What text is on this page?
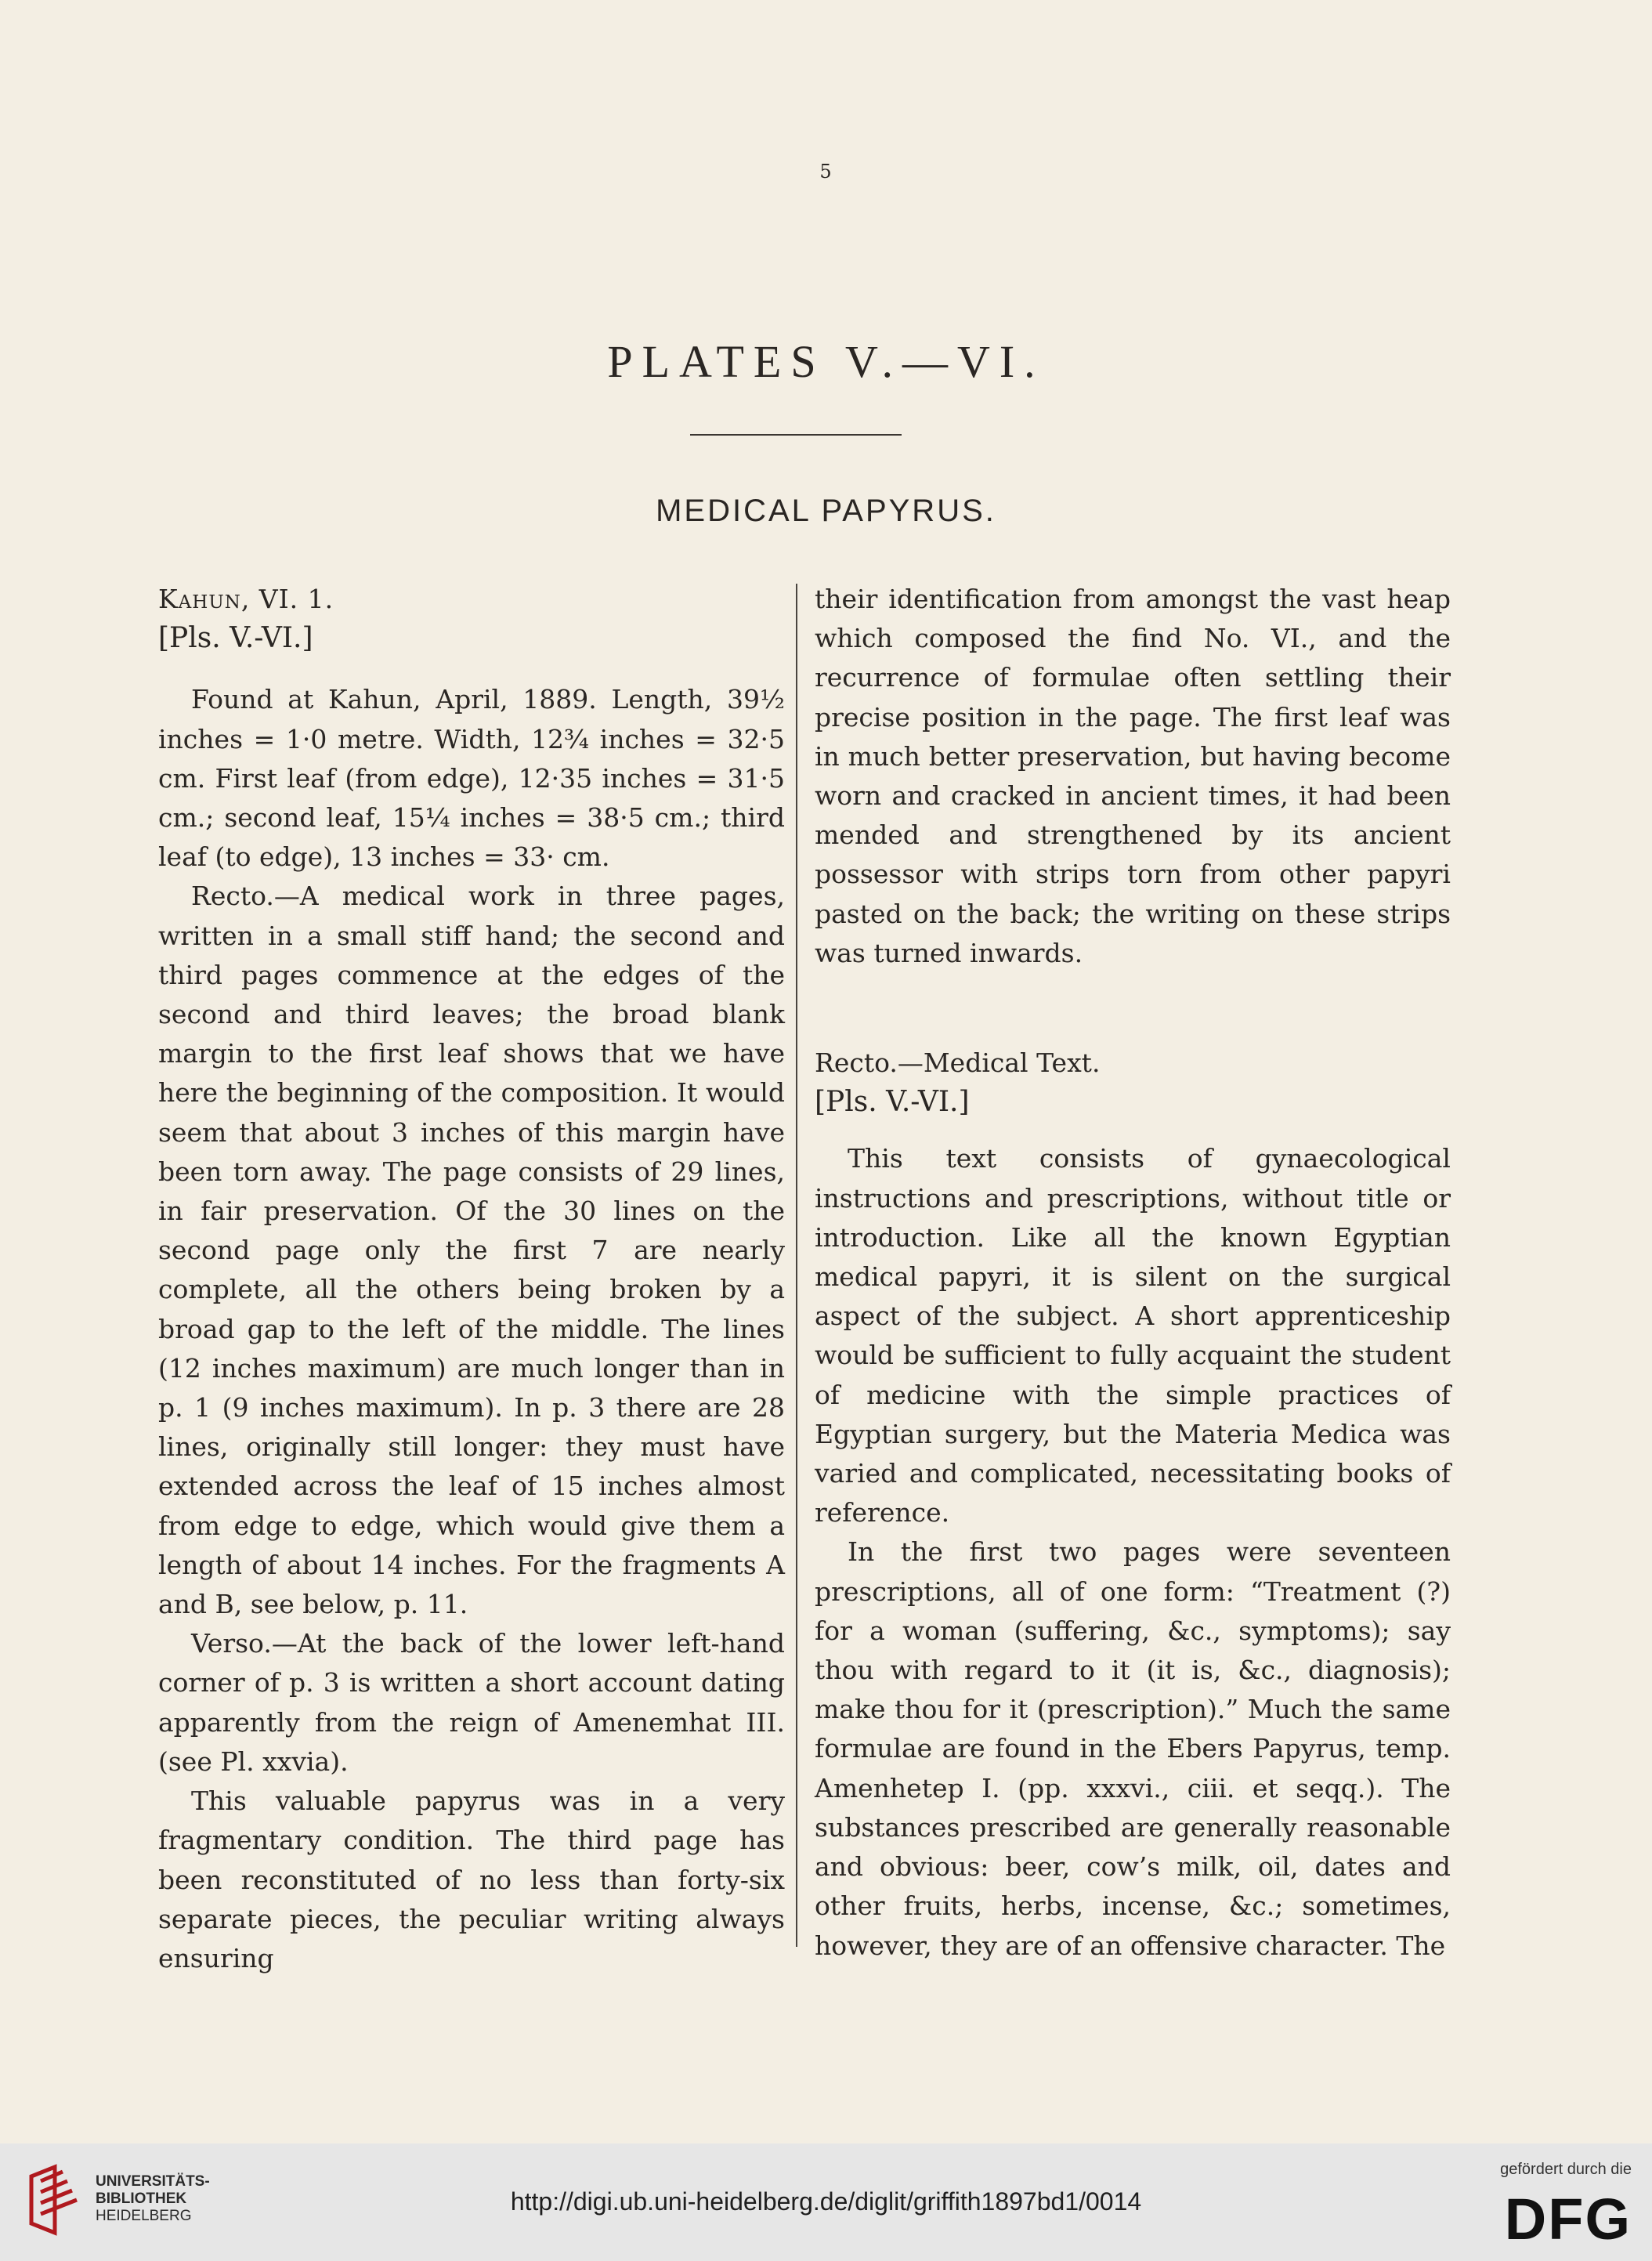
5
PLATES V.—VI.
MEDICAL PAPYRUS.

Kahun, VI. 1.

[Pls. V.-VI.]

Found at Kahun, April, 1889. Length, 39½ inches = 1·0 metre. Width, 12¾ inches = 32·5 cm. First leaf (from edge), 12·35 inches = 31·5 cm.; second leaf, 15¼ inches = 38·5 cm.; third leaf (to edge), 13 inches = 33· cm.

Recto.—A medical work in three pages, written in a small stiff hand; the second and third pages commence at the edges of the second and third leaves; the broad blank margin to the first leaf shows that we have here the beginning of the composition. It would seem that about 3 inches of this margin have been torn away. The page consists of 29 lines, in fair preservation. Of the 30 lines on the second page only the first 7 are nearly complete, all the others being broken by a broad gap to the left of the middle. The lines (12 inches maximum) are much longer than in p. 1 (9 inches maximum). In p. 3 there are 28 lines, originally still longer: they must have extended across the leaf of 15 inches almost from edge to edge, which would give them a length of about 14 inches. For the fragments A and B, see below, p. 11.

Verso.—At the back of the lower left-hand corner of p. 3 is written a short account dating apparently from the reign of Amenemhat III. (see Pl. xxvia).

This valuable papyrus was in a very fragmentary condition. The third page has been reconstituted of no less than forty-six separate pieces, the peculiar writing always ensuring

their identification from amongst the vast heap which composed the find No. VI., and the recurrence of formulae often settling their precise position in the page. The first leaf was in much better preservation, but having become worn and cracked in ancient times, it had been mended and strengthened by its ancient possessor with strips torn from other papyri pasted on the back; the writing on these strips was turned inwards.

Recto.—Medical Text.

[Pls. V.-VI.]

This text consists of gynaecological instructions and prescriptions, without title or introduction. Like all the known Egyptian medical papyri, it is silent on the surgical aspect of the subject. A short apprenticeship would be sufficient to fully acquaint the student of medicine with the simple practices of Egyptian surgery, but the Materia Medica was varied and complicated, necessitating books of reference.

In the first two pages were seventeen prescriptions, all of one form: “Treatment (?) for a woman (suffering, &c., symptoms); say thou with regard to it (it is, &c., diagnosis); make thou for it (prescription).” Much the same formulae are found in the Ebers Papyrus, temp. Amenhetep I. (pp. xxxvi., ciii. et seqq.). The substances prescribed are generally reasonable and obvious: beer, cow’s milk, oil, dates and other fruits, herbs, incense, &c.; sometimes, however, they are of an offensive character. The

UNIVERSITÄTS-
BIBLIOTHEK
HEIDELBERG
http://digi.ub.uni-heidelberg.de/diglit/griffith1897bd1/0014
gefördert durch die
DFG
